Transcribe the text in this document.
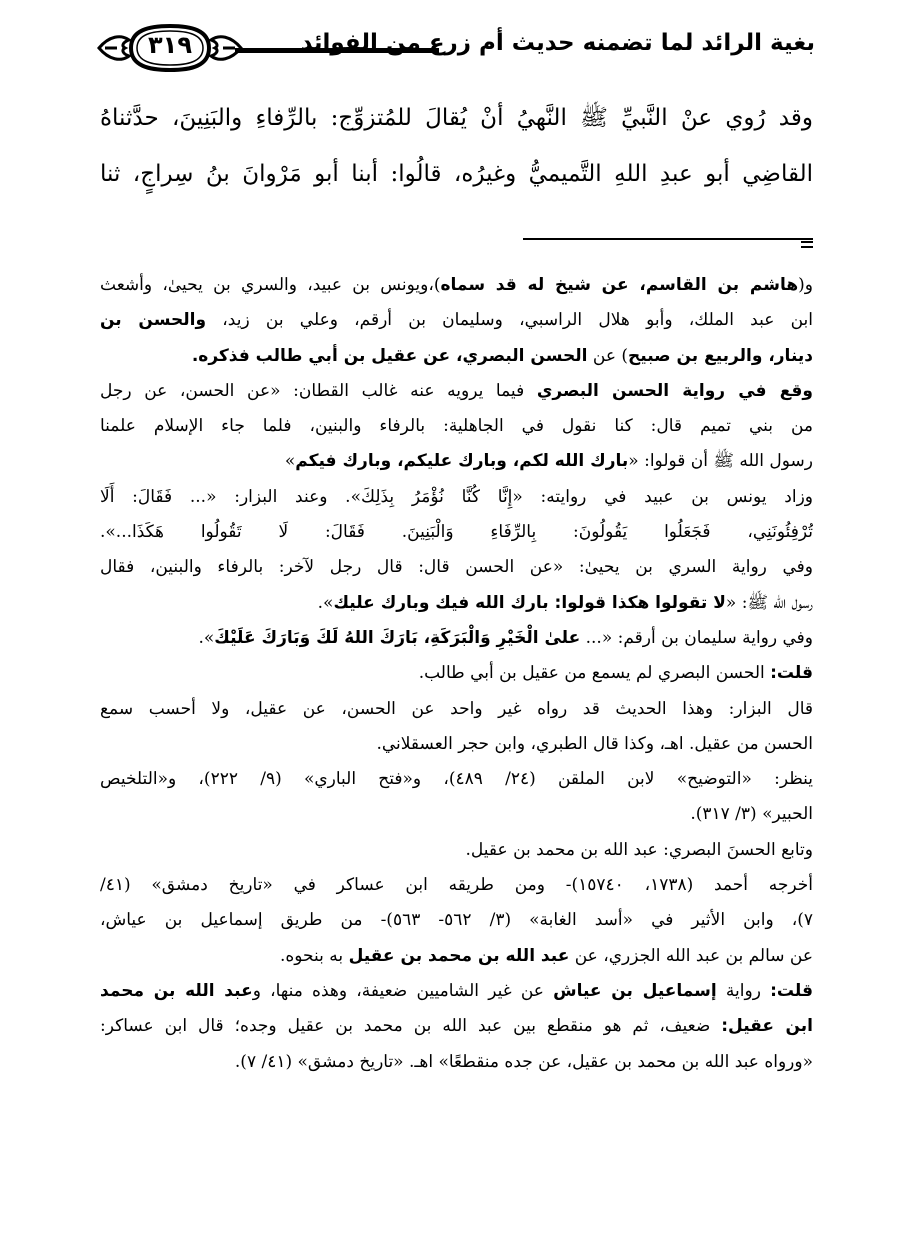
بغية الرائد لما تضمنه حديث أم زرع من الفوائد
٣١٩
وقد رُوي عنْ النَّبيِّ ﷺ النَّهيُ أنْ يُقالَ للمُتزوِّج: بالرِّفاءِ والبَنِينَ، حدَّثناهُ
القاضِي أبو عبدِ اللهِ التَّميميُّ وغيرُه، قالُوا: أبنا أبو مَرْوانَ بنُ سِراجٍ، ثنا
و(هاشم بن القاسم، عن شيخ له قد سماه)،ويونس بن عبيد، والسري بن يحيىٰ، وأشعث
ابن عبد الملك، وأبو هلال الراسبي، وسليمان بن أرقم، وعلي بن زيد، والحسن بن
دينار، والربيع بن صبيح) عن الحسن البصري، عن عقيل بن أبي طالب فذكره.
وقع في رواية الحسن البصري فيما يرويه عنه غالب القطان: «عن الحسن، عن رجل
من بني تميم قال: كنا نقول في الجاهلية: بالرفاء والبنين، فلما جاء الإسلام علمنا
رسول الله ﷺ أن قولوا: «بارك الله لكم، وبارك عليكم، وبارك فيكم»
وزاد يونس بن عبيد في روايته: «إِنَّا كُنَّا نُؤْمَرُ بِذَلِكَ». وعند البزار: «... فَقَالَ: أَلَا
تُرْفِئُونَنِي، فَجَعَلُوا يَقُولُونَ: بِالرِّفَاءِ وَالْبَنِينَ. فَقَالَ: لَا تَقُولُوا هَكَذَا...».
وفي رواية السري بن يحيىٰ: «عن الحسن قال: قال رجل لآخر: بالرفاء والبنين، فقال
رسول الله ﷺ: «لا تقولوا هكذا قولوا: بارك الله فيك وبارك عليك».
وفي رواية سليمان بن أرقم: «... علىٰ الْخَيْرِ وَالْبَرَكَةِ، بَارَكَ اللهُ لَكَ وَبَارَكَ عَلَيْكَ».
قلت: الحسن البصري لم يسمع من عقيل بن أبي طالب.
قال البزار: وهذا الحديث قد رواه غير واحد عن الحسن، عن عقيل، ولا أحسب سمع
الحسن من عقيل. اهـ، وكذا قال الطبري، وابن حجر العسقلاني.
ينظر: «التوضيح» لابن الملقن (٢٤/ ٤٨٩)، و«فتح الباري» (٩/ ٢٢٢)، و«التلخيص
الحبير» (٣/ ٣١٧).
وتابع الحسنَ البصري: عبد الله بن محمد بن عقيل.
أخرجه أحمد (١٧٣٨، ١٥٧٤٠)- ومن طريقه ابن عساكر في «تاريخ دمشق» (٤١/
٧)، وابن الأثير في «أسد الغابة» (٣/ ٥٦٢- ٥٦٣)- من طريق إسماعيل بن عياش،
عن سالم بن عبد الله الجزري، عن عبد الله بن محمد بن عقيل به بنحوه.
قلت: رواية إسماعيل بن عياش عن غير الشاميين ضعيفة، وهذه منها، وعبد الله بن محمد
ابن عقيل: ضعيف، ثم هو منقطع بين عبد الله بن محمد بن عقيل وجده؛ قال ابن عساكر:
«ورواه عبد الله بن محمد بن عقيل، عن جده منقطعًا» اهـ. «تاريخ دمشق» (٤١/ ٧).
